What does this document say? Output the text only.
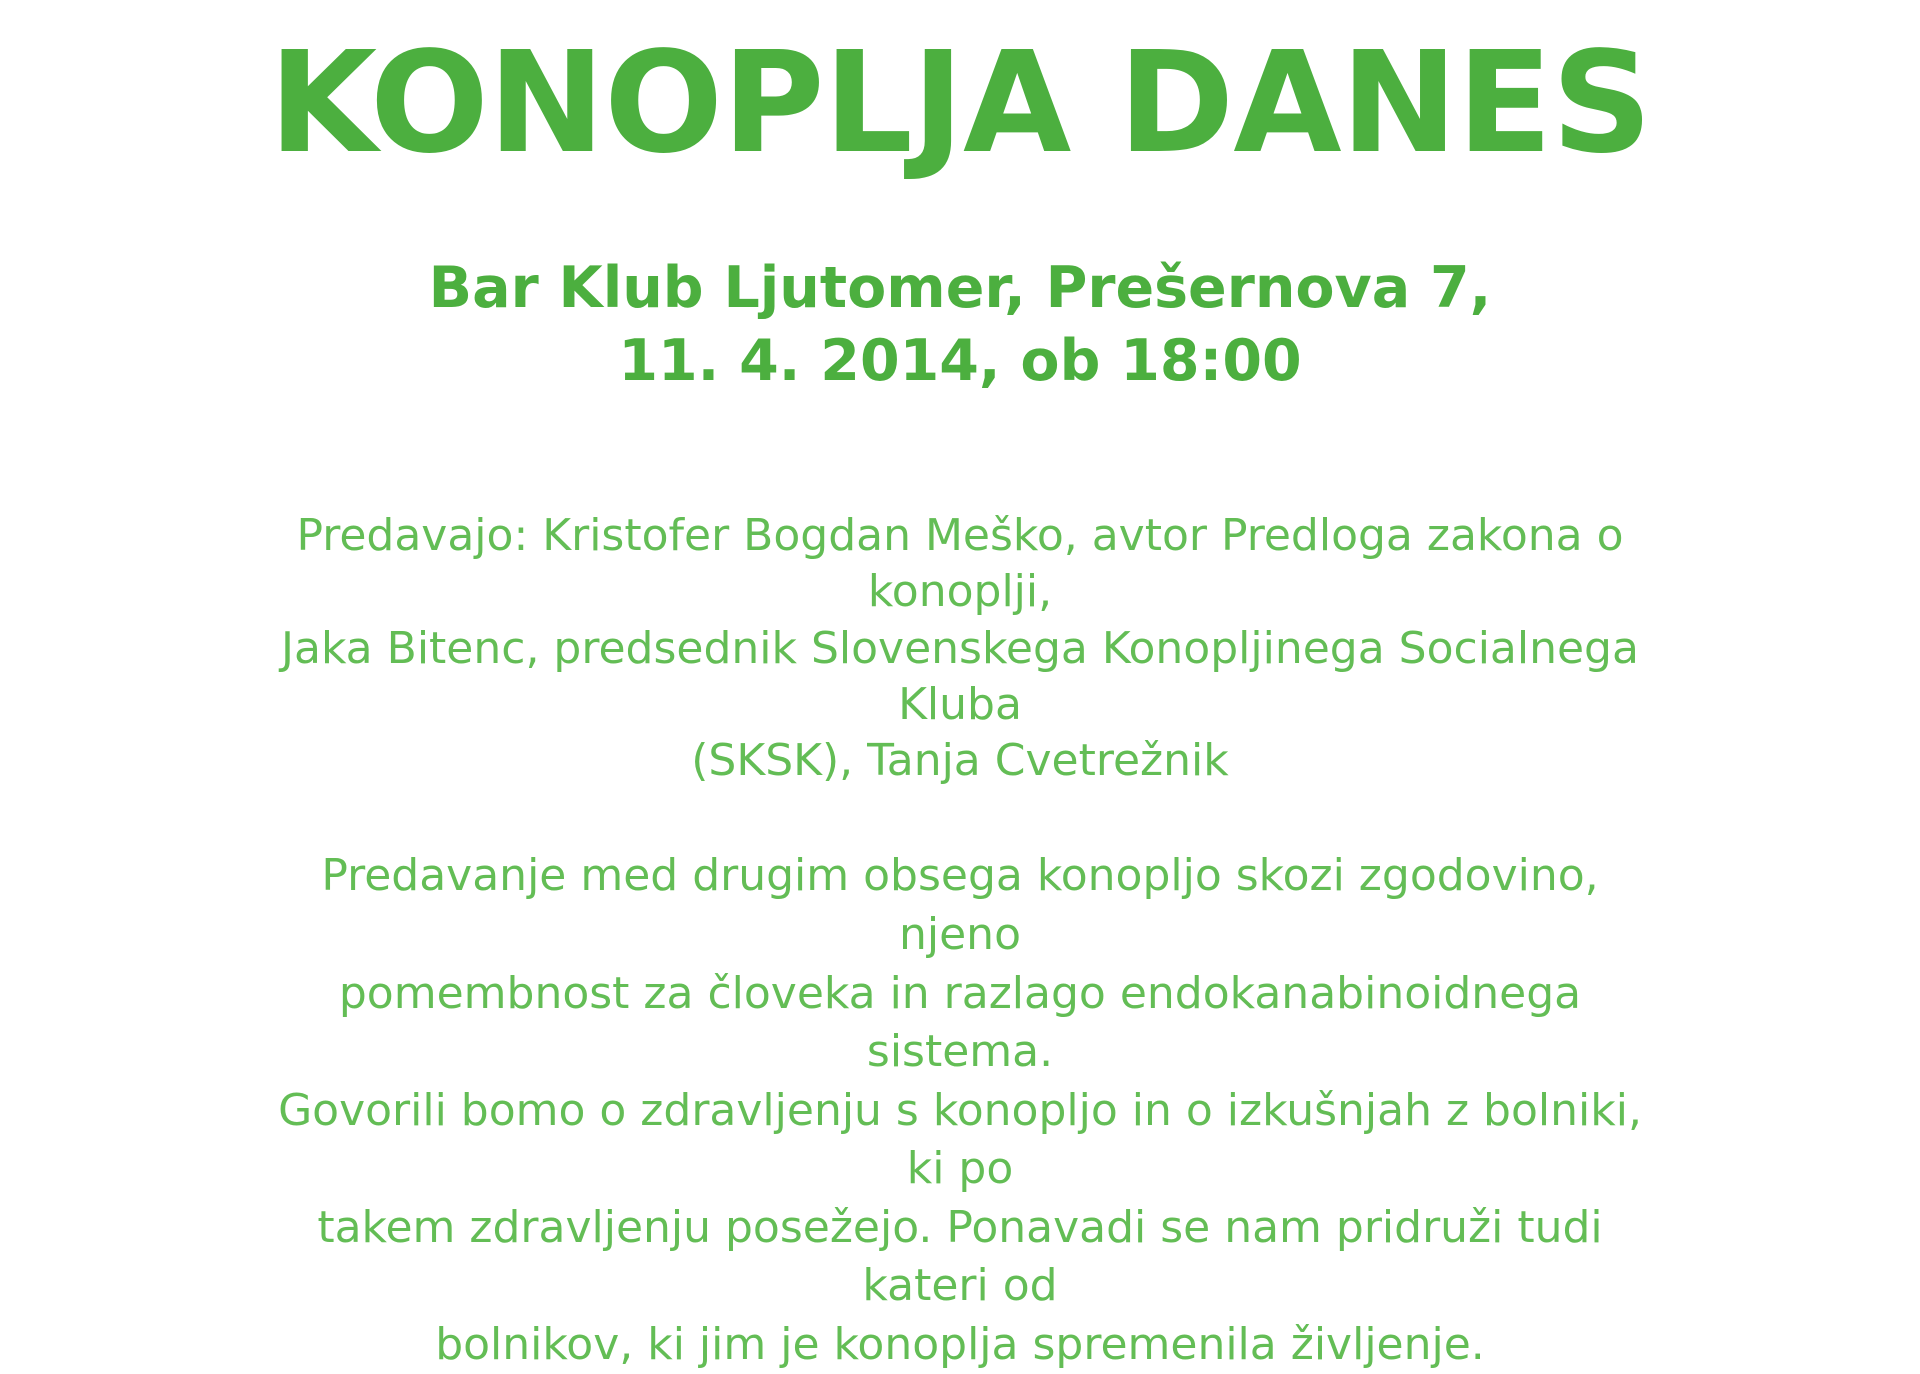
KONOPLJA DANES
Bar Klub Ljutomer, Prešernova 7,
11. 4. 2014, ob 18:00
Predavajo: Kristofer Bogdan Meško, avtor Predloga zakona o konoplji,
Jaka Bitenc, predsednik Slovenskega Konopljinega Socialnega Kluba
(SKSK), Tanja Cvetrežnik
Predavanje med drugim obsega konopljo skozi zgodovino, njeno
pomembnost za človeka in razlago endokanabinoidnega sistema.
Govorili bomo o zdravljenju s konopljo in o izkušnjah z bolniki, ki po
takem zdravljenju posežejo. Ponavadi se nam pridruži tudi kateri od
bolnikov, ki jim je konoplja spremenila življenje.
